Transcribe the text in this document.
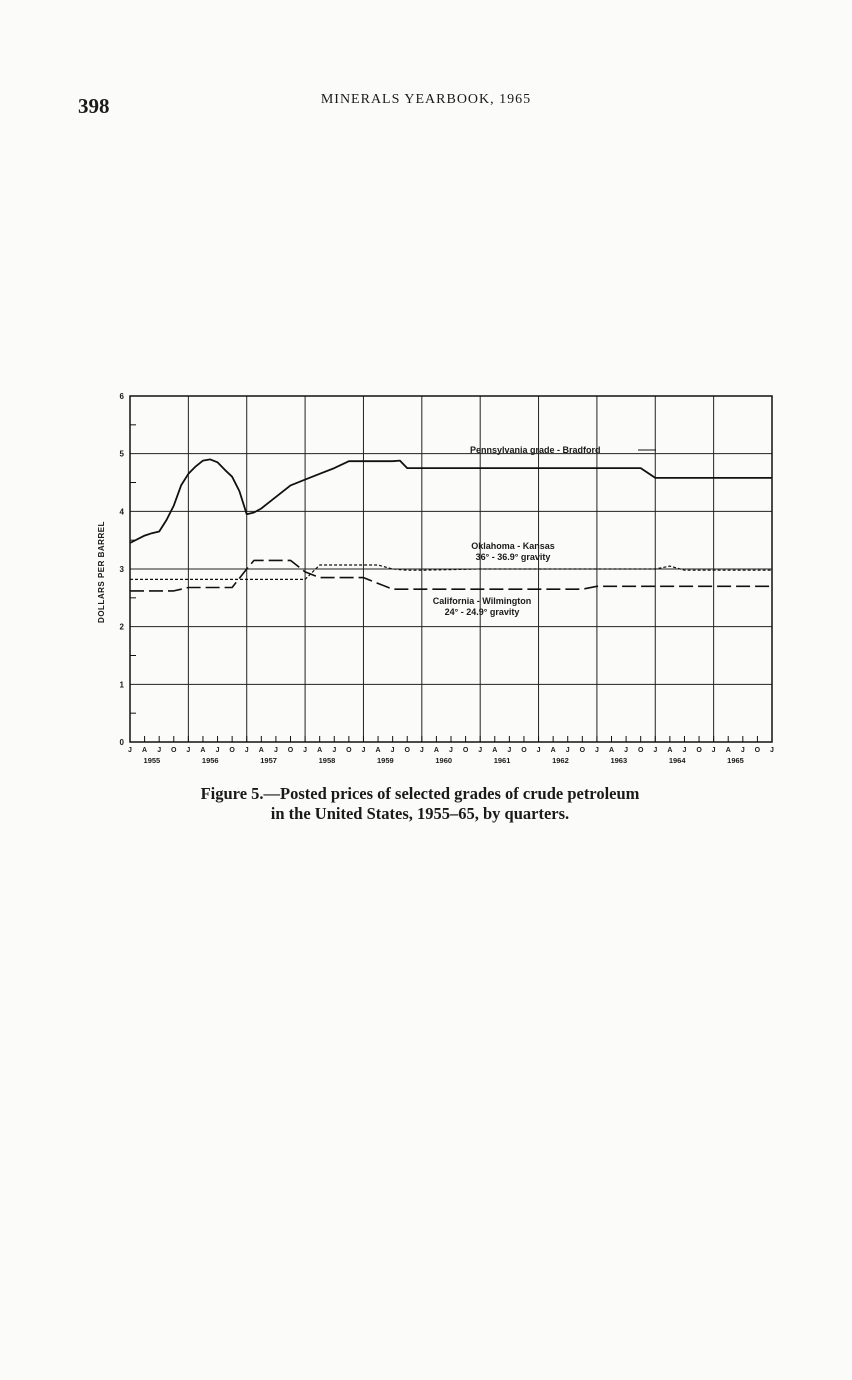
398	MINERALS YEARBOOK, 1965
0
1
2
3
4
5
6
DOLLARS PER BARREL
J A J O J A J O J A J O J A J O J A J O J A J O J A J O J A J O J A J O J A J O J A J O J
1955	1956	1957	1958	1959	1960	1961	1962	1963	1964	1965
Pennsylvania grade - Bradford
Oklahoma - Kansas
36° - 36.9° gravity
California - Wilmington
24° - 24.9° gravity
Figure 5.—Posted prices of selected grades of crude petroleum
in the United States, 1955–65, by quarters.
